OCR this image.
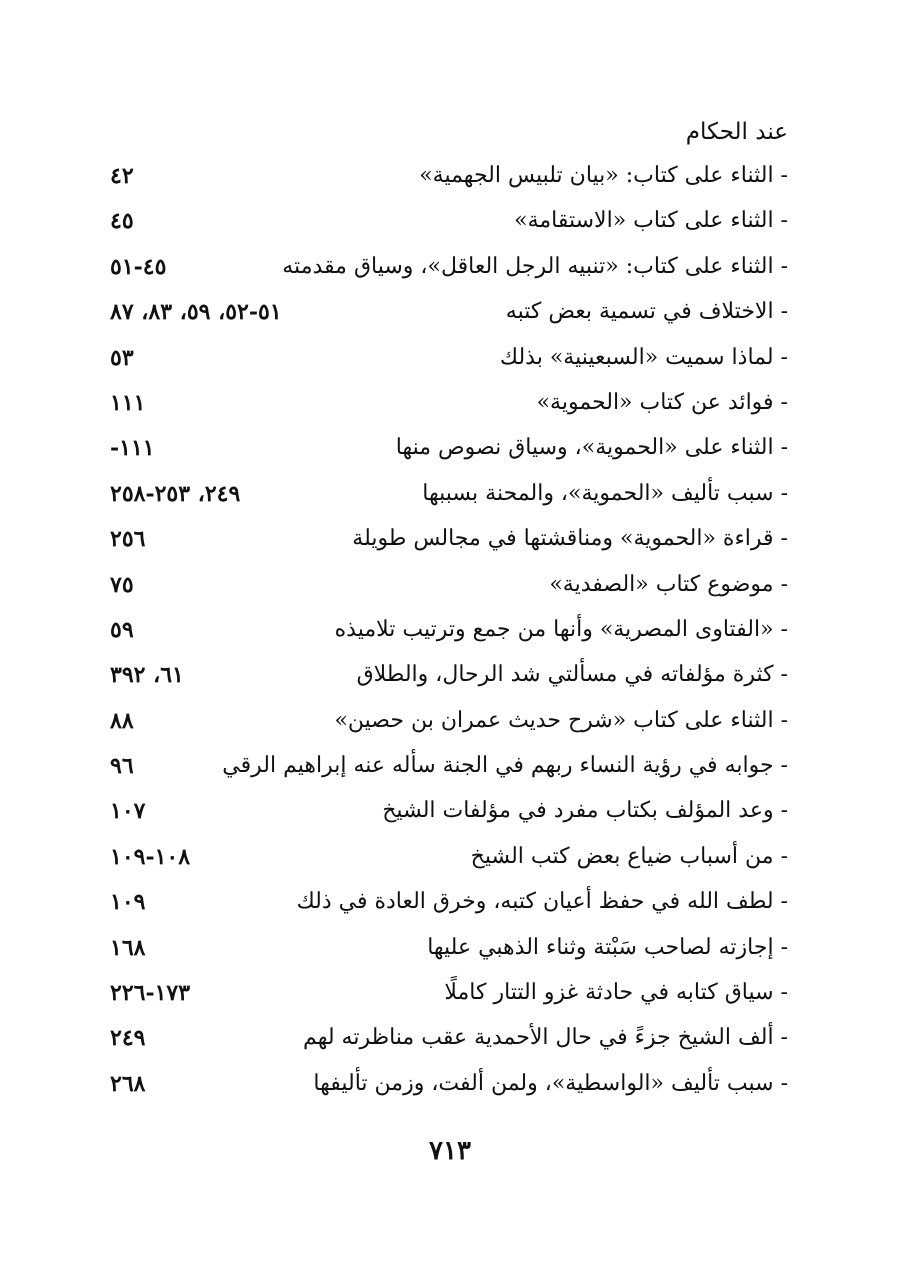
عند الحكام
- الثناء على كتاب: «بيان تلبيس الجهمية»
٤٢
- الثناء على كتاب «الاستقامة»
٤٥
- الثناء على كتاب: «تنبيه الرجل العاقل»، وسياق مقدمته
٤٥-٥١
- الاختلاف في تسمية بعض كتبه
٥١-٥٢، ٥٩، ٨٣، ٨٧
- لماذا سميت «السبعينية» بذلك
٥٣
- فوائد عن كتاب «الحموية»
١١١
- الثناء على «الحموية»، وسياق نصوص منها
١١١-
- سبب تأليف «الحموية»، والمحنة بسببها
٢٤٩، ٢٥٣-٢٥٨
- قراءة «الحموية» ومناقشتها في مجالس طويلة
٢٥٦
- موضوع كتاب «الصفدية»
٧٥
- «الفتاوى المصرية» وأنها من جمع وترتيب تلاميذه
٥٩
- كثرة مؤلفاته في مسألتي شد الرحال، والطلاق
٦١، ٣٩٢
- الثناء على كتاب «شرح حديث عمران بن حصين»
٨٨
- جوابه في رؤية النساء ربهم في الجنة سأله عنه إبراهيم الرقي
٩٦
- وعد المؤلف بكتاب مفرد في مؤلفات الشيخ
١٠٧
- من أسباب ضياع بعض كتب الشيخ
١٠٨-١٠٩
- لطف الله في حفظ أعيان كتبه، وخرق العادة في ذلك
١٠٩
- إجازته لصاحب سَبْتة وثناء الذهبي عليها
١٦٨
- سياق كتابه في حادثة غزو التتار كاملًا
١٧٣-٢٢٦
- ألف الشيخ جزءً في حال الأحمدية عقب مناظرته لهم
٢٤٩
- سبب تأليف «الواسطية»، ولمن ألفت، وزمن تأليفها
٢٦٨
٧١٣
